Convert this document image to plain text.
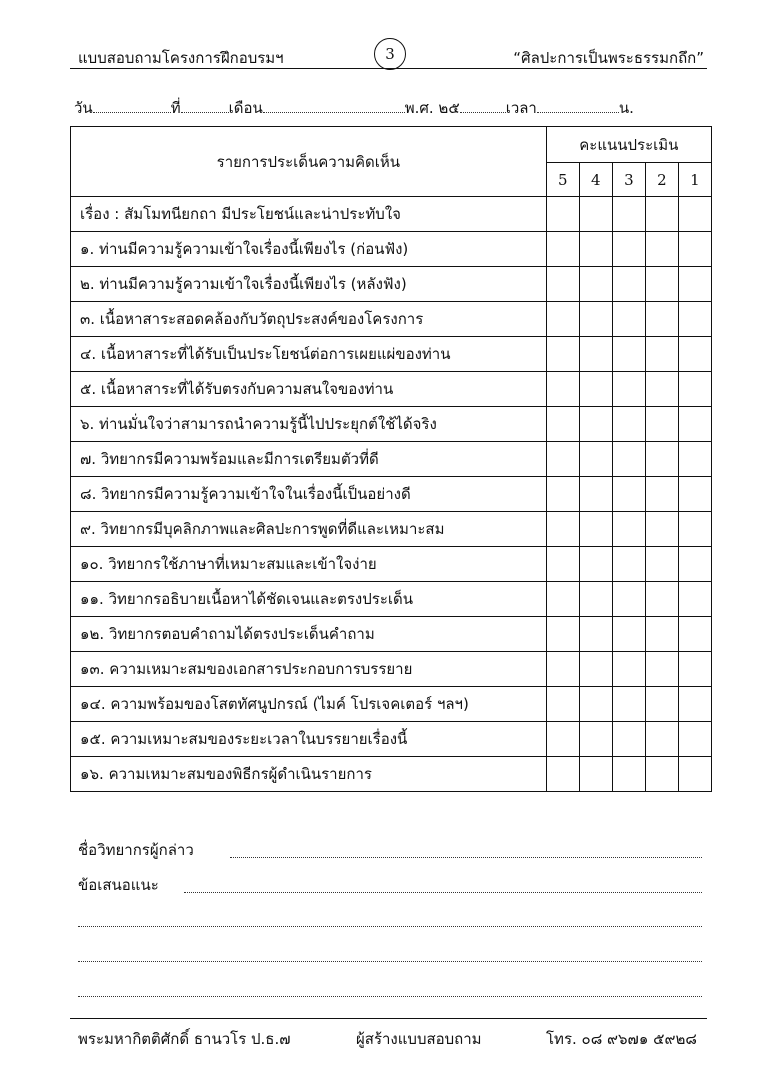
แบบสอบถามโครงการฝึกอบรมฯ	3	“ศิลปะการเป็นพระธรรมกถึก”
วัน	ที่	เดือน	พ.ศ. ๒๕	เวลา	น.
รายการประเด็นความคิดเห็น	คะแนนประเมิน				
	5	4	3	2	1
เรื่อง : สัมโมทนียกถา มีประโยชน์และน่าประทับใจ					
๑. ท่านมีความรู้ความเข้าใจเรื่องนี้เพียงไร (ก่อนฟัง)					
๒. ท่านมีความรู้ความเข้าใจเรื่องนี้เพียงไร (หลังฟัง)					
๓. เนื้อหาสาระสอดคล้องกับวัตถุประสงค์ของโครงการ					
๔. เนื้อหาสาระที่ได้รับเป็นประโยชน์ต่อการเผยแผ่ของท่าน					
๕. เนื้อหาสาระที่ได้รับตรงกับความสนใจของท่าน					
๖. ท่านมั่นใจว่าสามารถนำความรู้นี้ไปประยุกต์ใช้ได้จริง					
๗. วิทยากรมีความพร้อมและมีการเตรียมตัวที่ดี					
๘. วิทยากรมีความรู้ความเข้าใจในเรื่องนี้เป็นอย่างดี					
๙. วิทยากรมีบุคลิกภาพและศิลปะการพูดที่ดีและเหมาะสม					
๑๐. วิทยากรใช้ภาษาที่เหมาะสมและเข้าใจง่าย					
๑๑. วิทยากรอธิบายเนื้อหาได้ชัดเจนและตรงประเด็น					
๑๒. วิทยากรตอบคำถามได้ตรงประเด็นคำถาม					
๑๓. ความเหมาะสมของเอกสารประกอบการบรรยาย					
๑๔. ความพร้อมของโสตทัศนูปกรณ์ (ไมค์ โปรเจคเตอร์ ฯลฯ)					
๑๕. ความเหมาะสมของระยะเวลาในบรรยายเรื่องนี้					
๑๖. ความเหมาะสมของพิธีกรผู้ดำเนินรายการ					
ชื่อวิทยากรผู้กล่าว
ข้อเสนอแนะ
พระมหากิตติศักดิ์ ธานวโร ป.ธ.๗	ผู้สร้างแบบสอบถาม	โทร. ๐๘ ๙๖๗๑ ๕๙๒๘
